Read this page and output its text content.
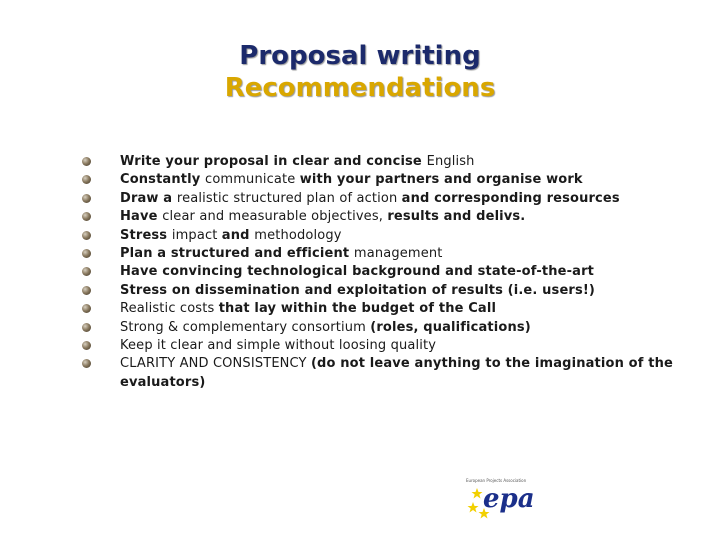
Proposal writing
Recommendations
Write your proposal in clear and concise English
Constantly communicate with your partners and organise work
Draw a realistic structured plan of action and corresponding resources
Have clear and measurable objectives, results and delivs.
Stress impact and methodology
Plan a structured and efficient management
Have convincing technological background and state-of-the-art
Stress on dissemination and exploitation of results (i.e. users!)
Realistic costs that lay within the budget of the Call
Strong & complementary consortium (roles, qualifications)
Keep it clear and simple without loosing quality
CLARITY AND CONSISTENCY (do not leave anything to the imagination of the evaluators)
European Projects Association
epa
